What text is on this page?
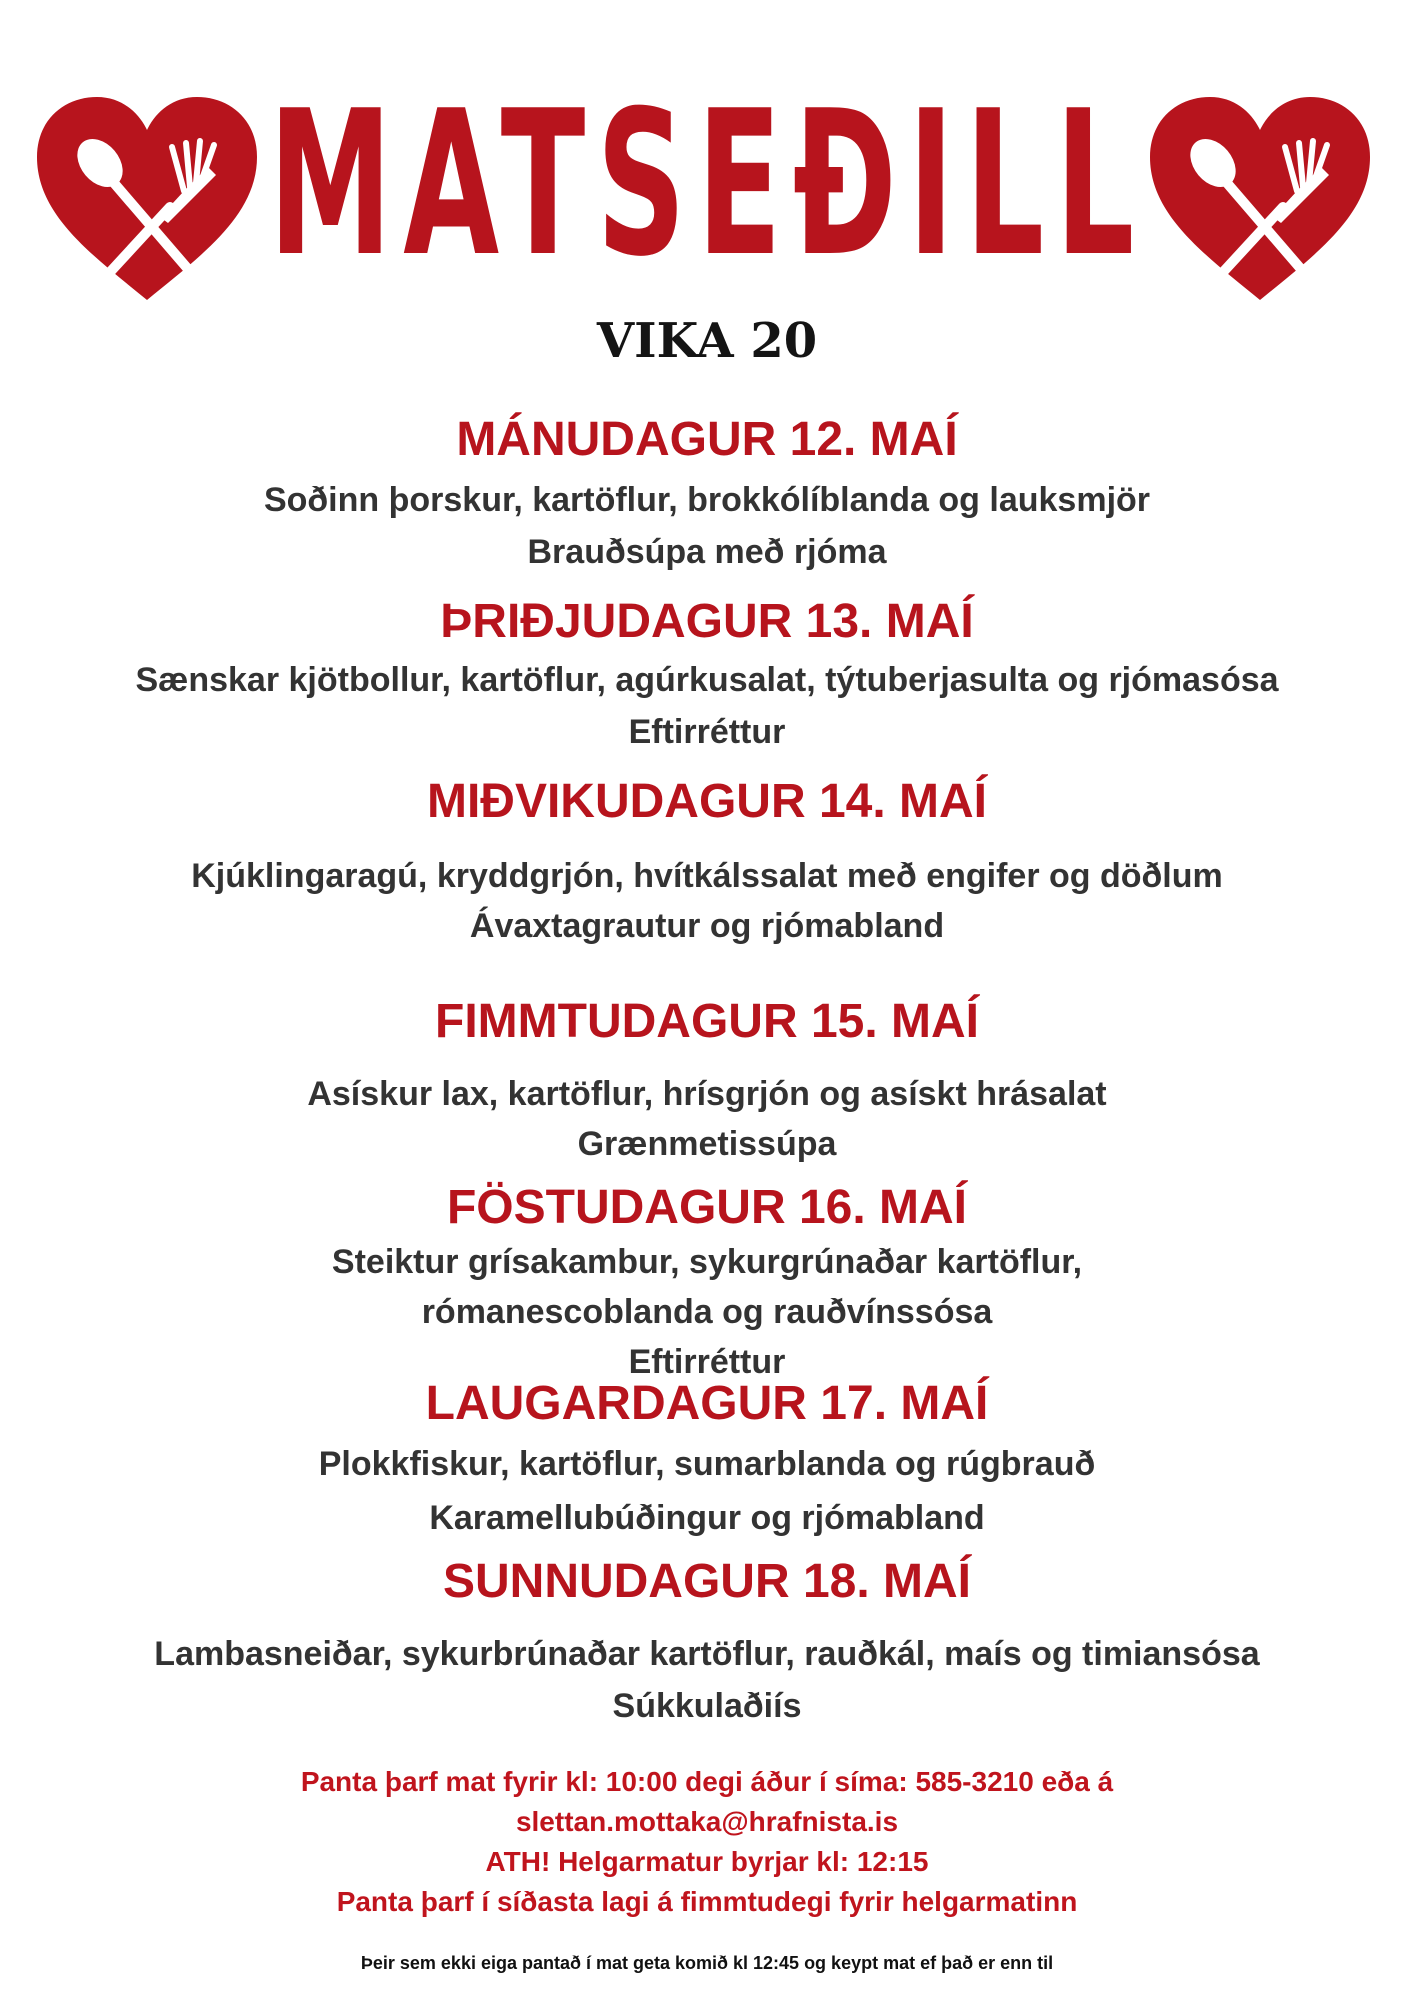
MATSEÐILL
VIKA 20
MÁNUDAGUR 12. MAÍ
Soðinn þorskur, kartöflur, brokkólíblanda og lauksmjör
Brauðsúpa með rjóma
ÞRIÐJUDAGUR 13. MAÍ
Sænskar kjötbollur, kartöflur, agúrkusalat, týtuberjasulta og rjómasósa
Eftirréttur
MIÐVIKUDAGUR 14. MAÍ
Kjúklingaragú, kryddgrjón, hvítkálssalat með engifer og döðlum
Ávaxtagrautur og rjómabland
FIMMTUDAGUR 15. MAÍ
Asískur lax, kartöflur, hrísgrjón og asískt hrásalat
Grænmetissúpa
FÖSTUDAGUR 16. MAÍ
Steiktur grísakambur, sykurgrúnaðar kartöflur,
rómanescoblanda og rauðvínssósa
Eftirréttur
LAUGARDAGUR 17. MAÍ
Plokkfiskur, kartöflur, sumarblanda og rúgbrauð
Karamellubúðingur og rjómabland
SUNNUDAGUR 18. MAÍ
Lambasneiðar, sykurbrúnaðar kartöflur, rauðkál, maís og timiansósa
Súkkulaðiís
Panta þarf mat fyrir kl: 10:00 degi áður í síma: 585-3210 eða á
slettan.mottaka@hrafnista.is
ATH! Helgarmatur byrjar kl: 12:15
Panta þarf í síðasta lagi á fimmtudegi fyrir helgarmatinn
Þeir sem ekki eiga pantað í mat geta komið kl 12:45 og keypt mat ef það er enn til
